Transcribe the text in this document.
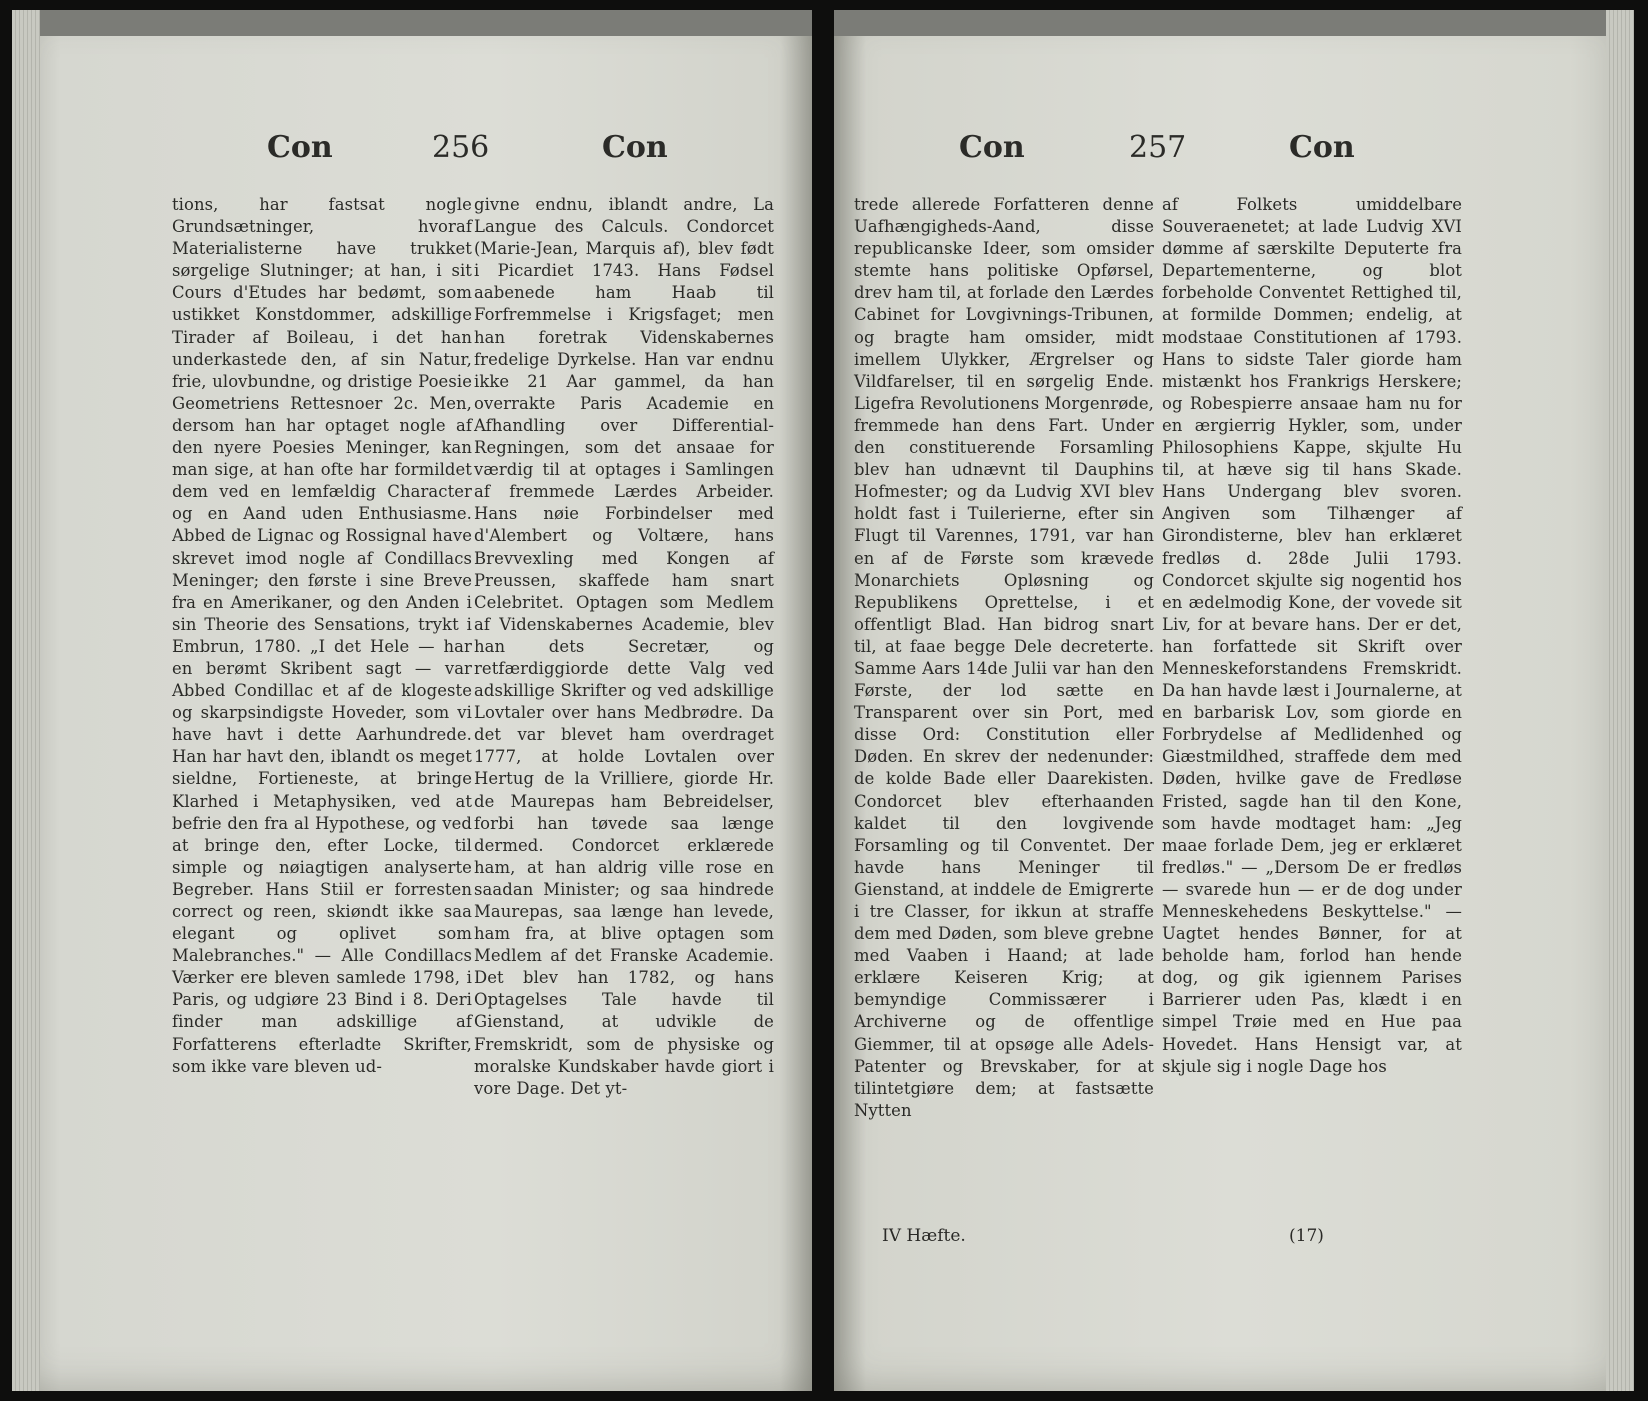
Con	256	Con

tions, har fastsat nogle Grundsætninger, hvoraf Materialisterne have trukket sørgelige Slutninger; at han, i sit Cours d'Etudes har bedømt, som ustikket Konstdommer, adskillige Tirader af Boileau, i det han underkastede den, af sin Natur, frie, ulovbundne, og dristige Poesie Geometriens Rettesnoer 2c. Men, dersom han har optaget nogle af den nyere Poesies Meninger, kan man sige, at han ofte har formildet dem ved en lemfældig Character og en Aand uden Enthusiasme. Abbed de Lignac og Rossignal have skrevet imod nogle af Condillacs Meninger; den første i sine Breve fra en Amerikaner, og den Anden i sin Theorie des Sensations, trykt i Embrun, 1780. „I det Hele — har en berømt Skribent sagt — var Abbed Condillac et af de klogeste og skarpsindigste Hoveder, som vi have havt i dette Aarhundrede. Han har havt den, iblandt os meget sieldne, Fortieneste, at bringe Klarhed i Metaphysiken, ved at befrie den fra al Hypothese, og ved at bringe den, efter Locke, til simple og nøiagtigen analyserte Begreber. Hans Stiil er forresten correct og reen, skiøndt ikke saa elegant og oplivet som Malebranches." — Alle Condillacs Værker ere bleven samlede 1798, i Paris, og udgiøre 23 Bind i 8. Deri finder man adskillige af Forfatterens efterladte Skrifter, som ikke vare bleven ud-

givne endnu, iblandt andre, La Langue des Calculs. Condorcet (Marie-Jean, Marquis af), blev født i Picardiet 1743. Hans Fødsel aabenede ham Haab til Forfremmelse i Krigsfaget; men han foretrak Videnskabernes fredelige Dyrkelse. Han var endnu ikke 21 Aar gammel, da han overrakte Paris Academie en Afhandling over Differential-Regningen, som det ansaae for værdig til at optages i Samlingen af fremmede Lærdes Arbeider. Hans nøie Forbindelser med d'Alembert og Voltære, hans Brevvexling med Kongen af Preussen, skaffede ham snart Celebritet. Optagen som Medlem af Videnskabernes Academie, blev han dets Secretær, og retfærdiggiorde dette Valg ved adskillige Skrifter og ved adskillige Lovtaler over hans Medbrødre. Da det var blevet ham overdraget 1777, at holde Lovtalen over Hertug de la Vrilliere, giorde Hr. de Maurepas ham Bebreidelser, forbi han tøvede saa længe dermed. Condorcet erklærede ham, at han aldrig ville rose en saadan Minister; og saa hindrede Maurepas, saa længe han levede, ham fra, at blive optagen som Medlem af det Franske Academie. Det blev han 1782, og hans Optagelses Tale havde til Gienstand, at udvikle de Fremskridt, som de physiske og moralske Kundskaber havde giort i vore Dage. Det yt-

Con	257	Con

trede allerede Forfatteren denne Uafhængigheds-Aand, disse republicanske Ideer, som omsider stemte hans politiske Opførsel, drev ham til, at forlade den Lærdes Cabinet for Lovgivnings-Tribunen, og bragte ham omsider, midt imellem Ulykker, Ærgrelser og Vildfarelser, til en sørgelig Ende. Ligefra Revolutionens Morgenrøde, fremmede han dens Fart. Under den constituerende Forsamling blev han udnævnt til Dauphins Hofmester; og da Ludvig XVI blev holdt fast i Tuilerierne, efter sin Flugt til Varennes, 1791, var han en af de Første som krævede Monarchiets Opløsning og Republikens Oprettelse, i et offentligt Blad. Han bidrog snart til, at faae begge Dele decreterte. Samme Aars 14de Julii var han den Første, der lod sætte en Transparent over sin Port, med disse Ord: Constitution eller Døden. En skrev der nedenunder: de kolde Bade eller Daarekisten. Condorcet blev efterhaanden kaldet til den lovgivende Forsamling og til Conventet. Der havde hans Meninger til Gienstand, at inddele de Emigrerte i tre Classer, for ikkun at straffe dem med Døden, som bleve grebne med Vaaben i Haand; at lade erklære Keiseren Krig; at bemyndige Commissærer i Archiverne og de offentlige Giemmer, til at opsøge alle Adels-Patenter og Brevskaber, for at tilintetgiøre dem; at fastsætte Nytten

af Folkets umiddelbare Souveraenetet; at lade Ludvig XVI dømme af særskilte Deputerte fra Departementerne, og blot forbeholde Conventet Rettighed til, at formilde Dommen; endelig, at modstaae Constitutionen af 1793. Hans to sidste Taler giorde ham mistænkt hos Frankrigs Herskere; og Robespierre ansaae ham nu for en ærgierrig Hykler, som, under Philosophiens Kappe, skjulte Hu til, at hæve sig til hans Skade. Hans Undergang blev svoren. Angiven som Tilhænger af Girondisterne, blev han erklæret fredløs d. 28de Julii 1793. Condorcet skjulte sig nogentid hos en ædelmodig Kone, der vovede sit Liv, for at bevare hans. Der er det, han forfattede sit Skrift over Menneskeforstandens Fremskridt. Da han havde læst i Journalerne, at en barbarisk Lov, som giorde en Forbrydelse af Medlidenhed og Giæstmildhed, straffede dem med Døden, hvilke gave de Fredløse Fristed, sagde han til den Kone, som havde modtaget ham: „Jeg maae forlade Dem, jeg er erklæret fredløs." — „Dersom De er fredløs — svarede hun — er de dog under Menneskehedens Beskyttelse." — Uagtet hendes Bønner, for at beholde ham, forlod han hende dog, og gik igiennem Parises Barrierer uden Pas, klædt i en simpel Trøie med en Hue paa Hovedet. Hans Hensigt var, at skjule sig i nogle Dage hos

IV Hæfte.	(17)
